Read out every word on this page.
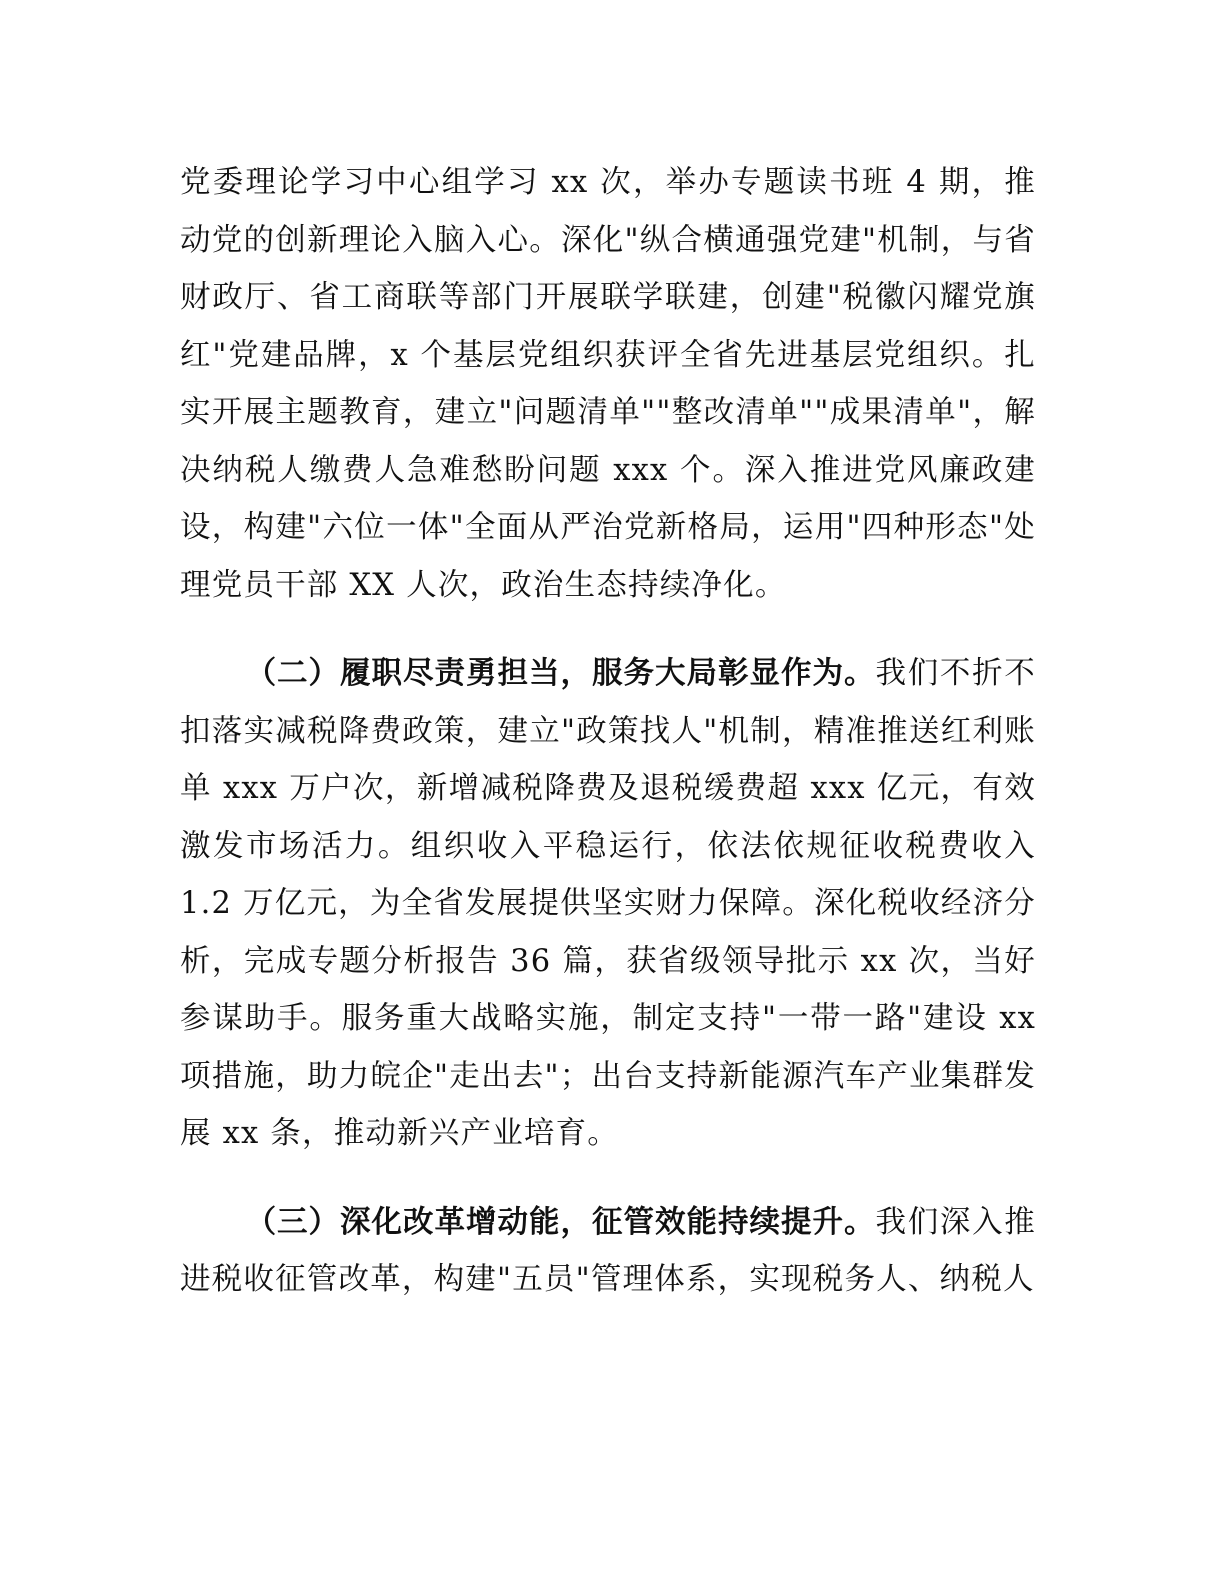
党委理论学习中心组学习 xx 次，举办专题读书班 4 期，推动党的创新理论入脑入心。深化"纵合横通强党建"机制，与省财政厅、省工商联等部门开展联学联建，创建"税徽闪耀党旗红"党建品牌，x 个基层党组织获评全省先进基层党组织。扎实开展主题教育，建立"问题清单""整改清单""成果清单"，解决纳税人缴费人急难愁盼问题 xxx 个。深入推进党风廉政建设，构建"六位一体"全面从严治党新格局，运用"四种形态"处理党员干部 XX 人次，政治生态持续净化。

（二）履职尽责勇担当，服务大局彰显作为。我们不折不扣落实减税降费政策，建立"政策找人"机制，精准推送红利账单 xxx 万户次，新增减税降费及退税缓费超 xxx 亿元，有效激发市场活力。组织收入平稳运行，依法依规征收税费收入 1.2 万亿元，为全省发展提供坚实财力保障。深化税收经济分析，完成专题分析报告 36 篇，获省级领导批示 xx 次，当好参谋助手。服务重大战略实施，制定支持"一带一路"建设 xx 项措施，助力皖企"走出去"；出台支持新能源汽车产业集群发展 xx 条，推动新兴产业培育。

（三）深化改革增动能，征管效能持续提升。我们深入推进税收征管改革，构建"五员"管理体系，实现税务人、纳税人
